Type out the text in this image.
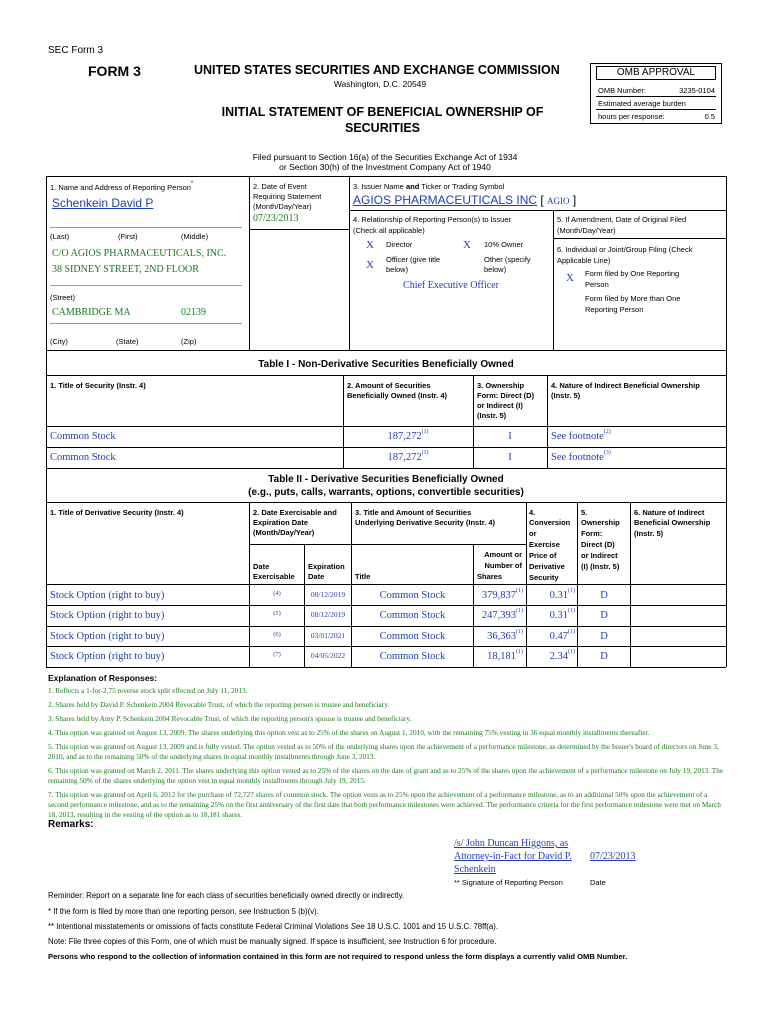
SEC Form 3
FORM 3	UNITED STATES SECURITIES AND EXCHANGE COMMISSION
Washington, D.C. 20549
INITIAL STATEMENT OF BENEFICIAL OWNERSHIP OF
SECURITIES
Filed pursuant to Section 16(a) of the Securities Exchange Act of 1934
or Section 30(h) of the Investment Company Act of 1940
OMB APPROVAL
OMB Number:	3235-0104
Estimated average burden
hours per response:	0.5
1. Name and Address of Reporting Person*
Schenkein David P
(Last)	(First)	(Middle)
C/O AGIOS PHARMACEUTICALS, INC.
38 SIDNEY STREET, 2ND FLOOR
(Street)
CAMBRIDGE MA	02139
(City)	(State)	(Zip)
2. Date of Event
Requiring Statement
(Month/Day/Year)
07/23/2013
3. Issuer Name and Ticker or Trading Symbol
AGIOS PHARMACEUTICALS INC [ AGIO ]
4. Relationship of Reporting Person(s) to Issuer
(Check all applicable)
X Director	X 10% Owner
X Officer (give title
below)
Other (specify
below)
Chief Executive Officer
5. If Amendment, Date of Original Filed
(Month/Day/Year)
6. Individual or Joint/Group Filing (Check
Applicable Line)
X Form filed by One Reporting
Person
Form filed by More than One
Reporting Person
Table I - Non-Derivative Securities Beneficially Owned
1. Title of Security (Instr. 4)	2. Amount of Securities
Beneficially Owned (Instr. 4)
3. Ownership
Form: Direct (D)
or Indirect (I)
(Instr. 5)
4. Nature of Indirect Beneficial Ownership
(Instr. 5)
Common Stock	187,272$^{(1)}$	I	See footnote$^{(2)}$
Common Stock	187,272$^{(1)}$	I	See footnote$^{(3)}$
Table II - Derivative Securities Beneficially Owned
(e.g., puts, calls, warrants, options, convertible securities)
1. Title of Derivative Security (Instr. 4)	2. Date Exercisable and
Expiration Date
(Month/Day/Year)
Date
Exercisable
Expiration
Date
3. Title and Amount of Securities
Underlying Derivative Security (Instr. 4)
Title
Amount or
Number of
Shares
4.
Conversion
or
Exercise
Price of
Derivative
Security
5.
Ownership
Form:
Direct (D)
or Indirect
(I) (Instr. 5)
6. Nature of Indirect
Beneficial Ownership
(Instr. 5)
Stock Option (right to buy)	(4)	08/12/2019	Common Stock	379,837$^{(1)}$	0.31$^{(1)}$	D
Stock Option (right to buy)	(5)	08/12/2019	Common Stock	247,393$^{(1)}$	0.31$^{(1)}$	D
Stock Option (right to buy)	(6)	03/01/2021	Common Stock	36,363$^{(1)}$	0.47$^{(1)}$	D
Stock Option (right to buy)	(7)	04/05/2022	Common Stock	18,181$^{(1)}$	2.34$^{(1)}$	D
Explanation of Responses:
1. Reflects a 1-for-2.75 reverse stock split effected on July 11, 2013.
2. Shares held by David P. Schenkein 2004 Revocable Trust, of which the reporting person is trustee and beneficiary.
3. Shares held by Amy P. Schenkein 2004 Revocable Trust, of which the reporting person's spouse is trustee and beneficiary.
4. This option was granted on August 13, 2009. The shares underlying this option vest as to 25% of the shares on August 1, 2010, with the remaining 75% vesting in 36 equal monthly installments thereafter.
5. This option was granted on August 13, 2009 and is fully vested. The option vested as to 50% of the underlying shares upon the achievement of a performance milestone, as determined by the Issuer's board of directors on June 3, 2010, and as to the remaining 50% of the underlying shares in equal monthly installments through June 3, 2013.
6. This option was granted on March 2, 2011. The shares underlying this option vested as to 25% of the shares on the date of grant and as to 25% of the shares upon the achievement of a performance milestone on July 19, 2013. The remaining 50% of the shares underlying the option vest in equal monthly installments through July 19, 2015.
7. This option was granted on April 6, 2012 for the purchase of 72,727 shares of common stock. The option vests as to 25% upon the achievement of a performance milestone, as to an additional 50% upon the achievement of a second performance milestone, and as to the remaining 25% on the first anniversary of the first date that both performance milestones were achieved. The performance criteria for the first performance milestone were met on March 18, 2013, resulting in the vesting of the option as to 18,181 shares.
Remarks:
/s/ John Duncan Higgons, as
Attorney-in-Fact for David P.
Schenkein
07/23/2013
** Signature of Reporting Person	Date
Reminder: Report on a separate line for each class of securities beneficially owned directly or indirectly.
* If the form is filed by more than one reporting person, see Instruction 5 (b)(v).
** Intentional misstatements or omissions of facts constitute Federal Criminal Violations See 18 U.S.C. 1001 and 15 U.S.C. 78ff(a).
Note: File three copies of this Form, one of which must be manually signed. If space is insufficient, see Instruction 6 for procedure.
Persons who respond to the collection of information contained in this form are not required to respond unless the form displays a currently valid OMB Number.
